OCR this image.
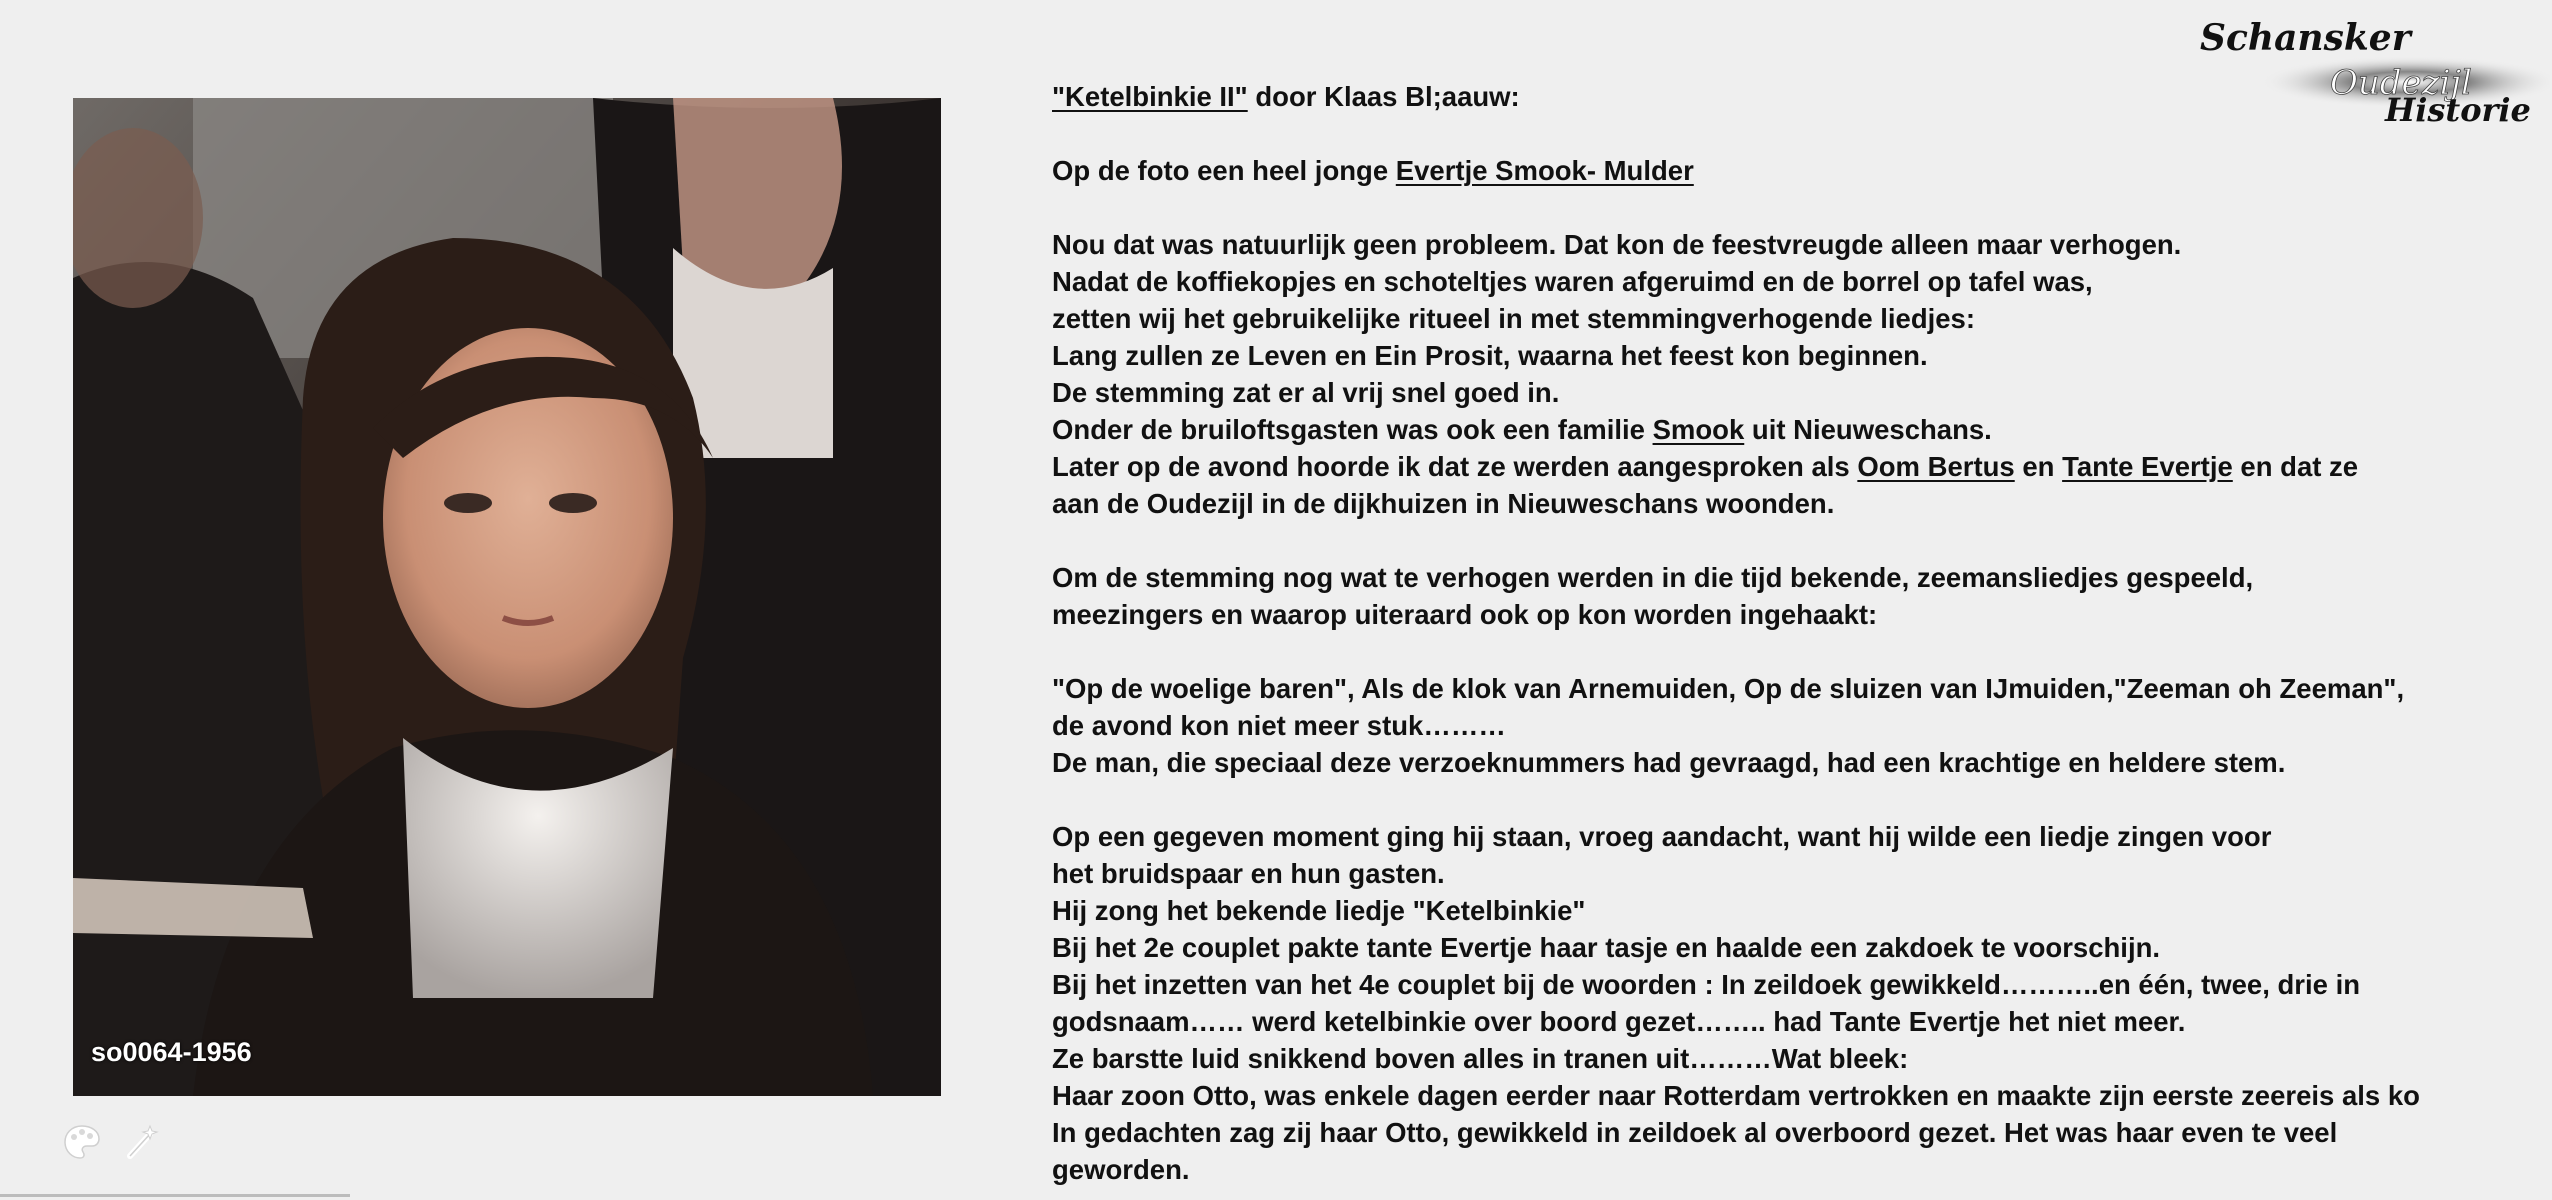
so0064-1956
Schansker
Oudezijl
Historie

"Ketelbinkie II" door Klaas Bl;aauw:

Op de foto een heel jonge Evertje Smook- Mulder

Nou dat was natuurlijk geen probleem. Dat kon de feestvreugde alleen maar verhogen.

Nadat de koffiekopjes en schoteltjes waren afgeruimd en de borrel op tafel was,

zetten wij het gebruikelijke ritueel in met stemmingverhogende liedjes:

Lang zullen ze Leven en Ein Prosit, waarna het feest kon beginnen.

De stemming zat er al vrij snel goed in.

Onder de bruiloftsgasten was ook een familie Smook uit Nieuweschans.

Later op de avond hoorde ik dat ze werden aangesproken als Oom Bertus en Tante Evertje en dat ze

aan de Oudezijl in de dijkhuizen in Nieuweschans woonden.

Om de stemming nog wat te verhogen werden in die tijd bekende, zeemansliedjes gespeeld,

meezingers en waarop uiteraard ook op kon worden ingehaakt:

"Op de woelige baren", Als de klok van Arnemuiden, Op de sluizen van IJmuiden,"Zeeman oh Zeeman",

de avond kon niet meer stuk………

De man, die speciaal deze verzoeknummers had gevraagd, had een krachtige en heldere stem.

Op een gegeven moment ging hij staan, vroeg aandacht, want hij wilde een liedje zingen voor

het bruidspaar en hun gasten.

Hij zong het bekende liedje "Ketelbinkie"

Bij het 2e couplet pakte tante Evertje haar tasje en haalde een zakdoek te voorschijn.

Bij het inzetten van het 4e couplet bij de woorden : In zeildoek gewikkeld………..en één, twee, drie in

godsnaam…… werd ketelbinkie over boord gezet…….. had Tante Evertje het niet meer.

Ze barstte luid snikkend boven alles in tranen uit………Wat bleek:

Haar zoon Otto, was enkele dagen eerder naar Rotterdam vertrokken en maakte zijn eerste zeereis als ko

In gedachten zag zij haar Otto, gewikkeld in zeildoek al overboord gezet. Het was haar even te veel

geworden.
